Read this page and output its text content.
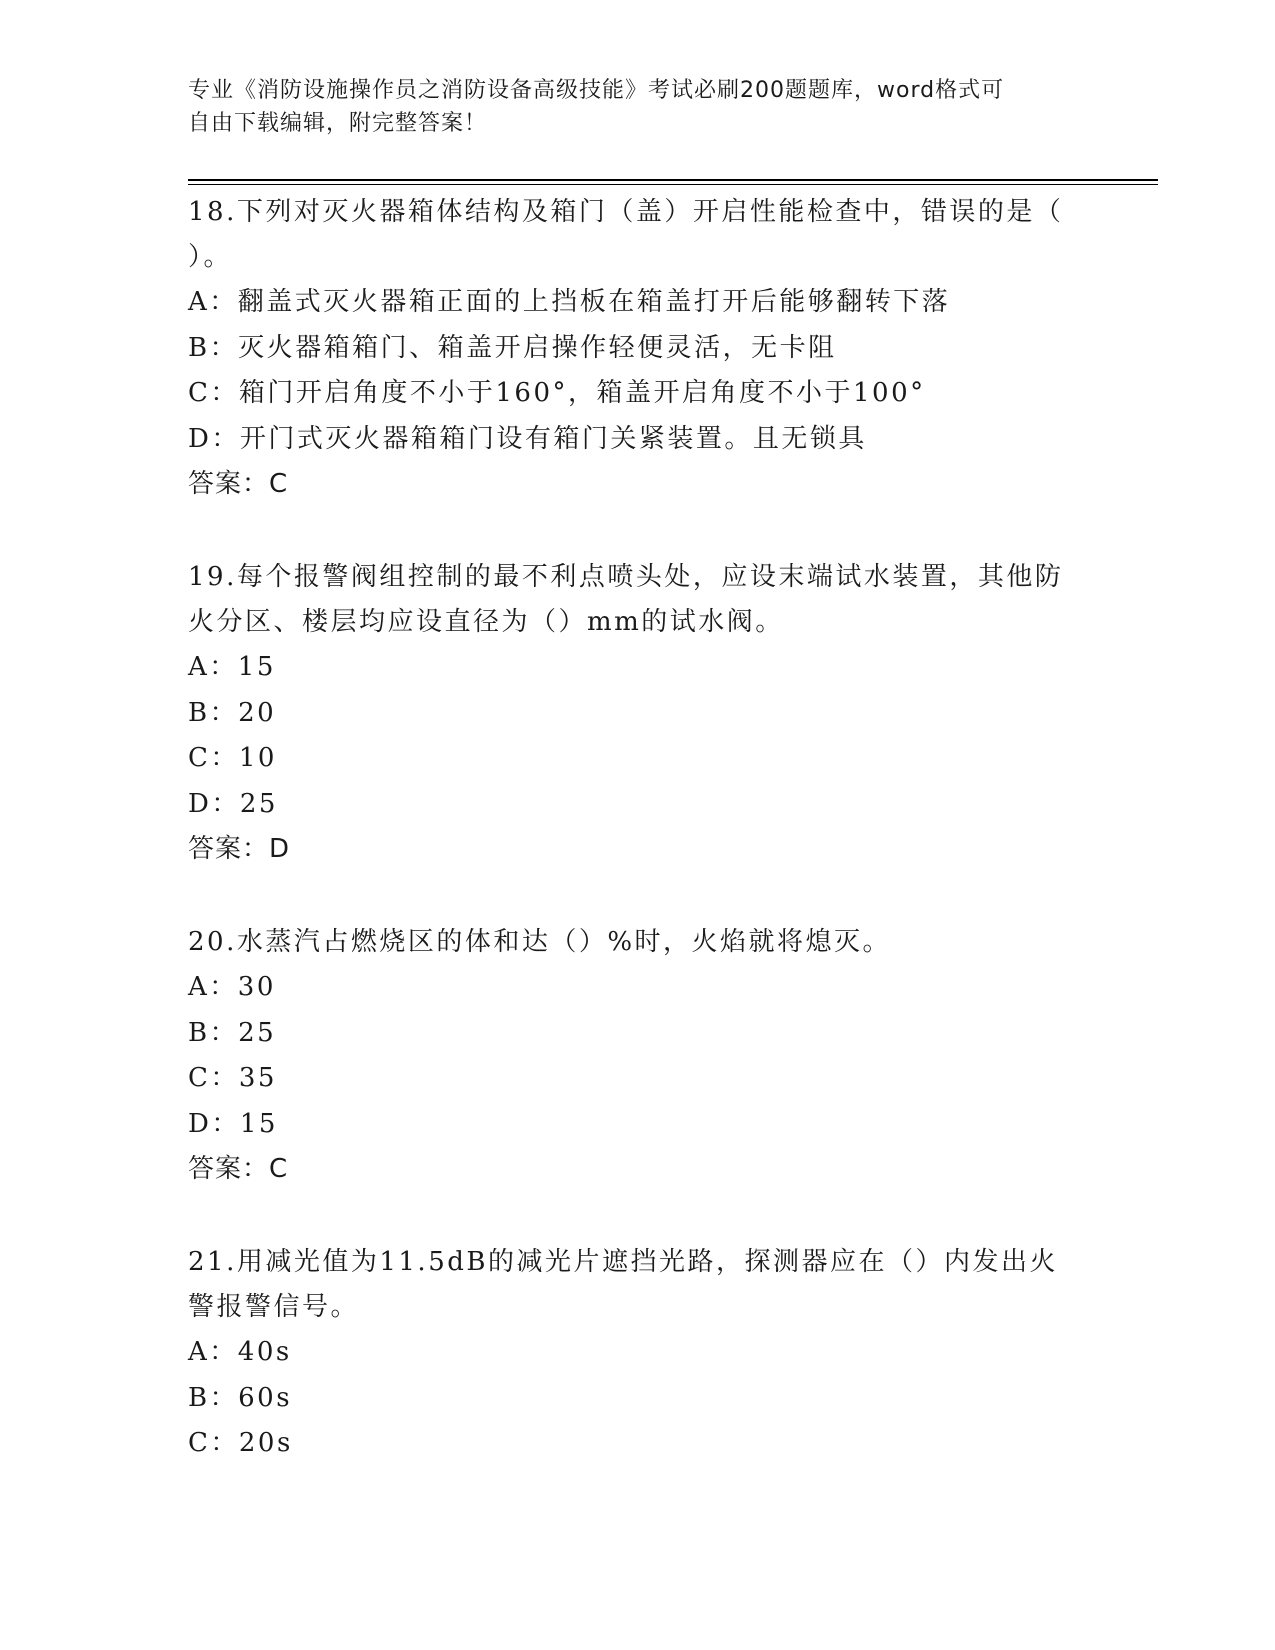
专业《消防设施操作员之消防设备高级技能》考试必刷200题题库，word格式可
自由下载编辑，附完整答案！

18.下列对灭火器箱体结构及箱门（盖）开启性能检查中，错误的是（

）。

A：翻盖式灭火器箱正面的上挡板在箱盖打开后能够翻转下落

B：灭火器箱箱门、箱盖开启操作轻便灵活，无卡阻

C：箱门开启角度不小于160°，箱盖开启角度不小于100°

D：开门式灭火器箱箱门设有箱门关紧装置。且无锁具

答案：C

19.每个报警阀组控制的最不利点喷头处，应设末端试水装置，其他防

火分区、楼层均应设直径为（）mm的试水阀。

A：15

B：20

C：10

D：25

答案：D

20.水蒸汽占燃烧区的体和达（）%时，火焰就将熄灭。

A：30

B：25

C：35

D：15

答案：C

21.用减光值为11.5dB的减光片遮挡光路，探测器应在（）内发出火

警报警信号。

A：40s

B：60s

C：20s
